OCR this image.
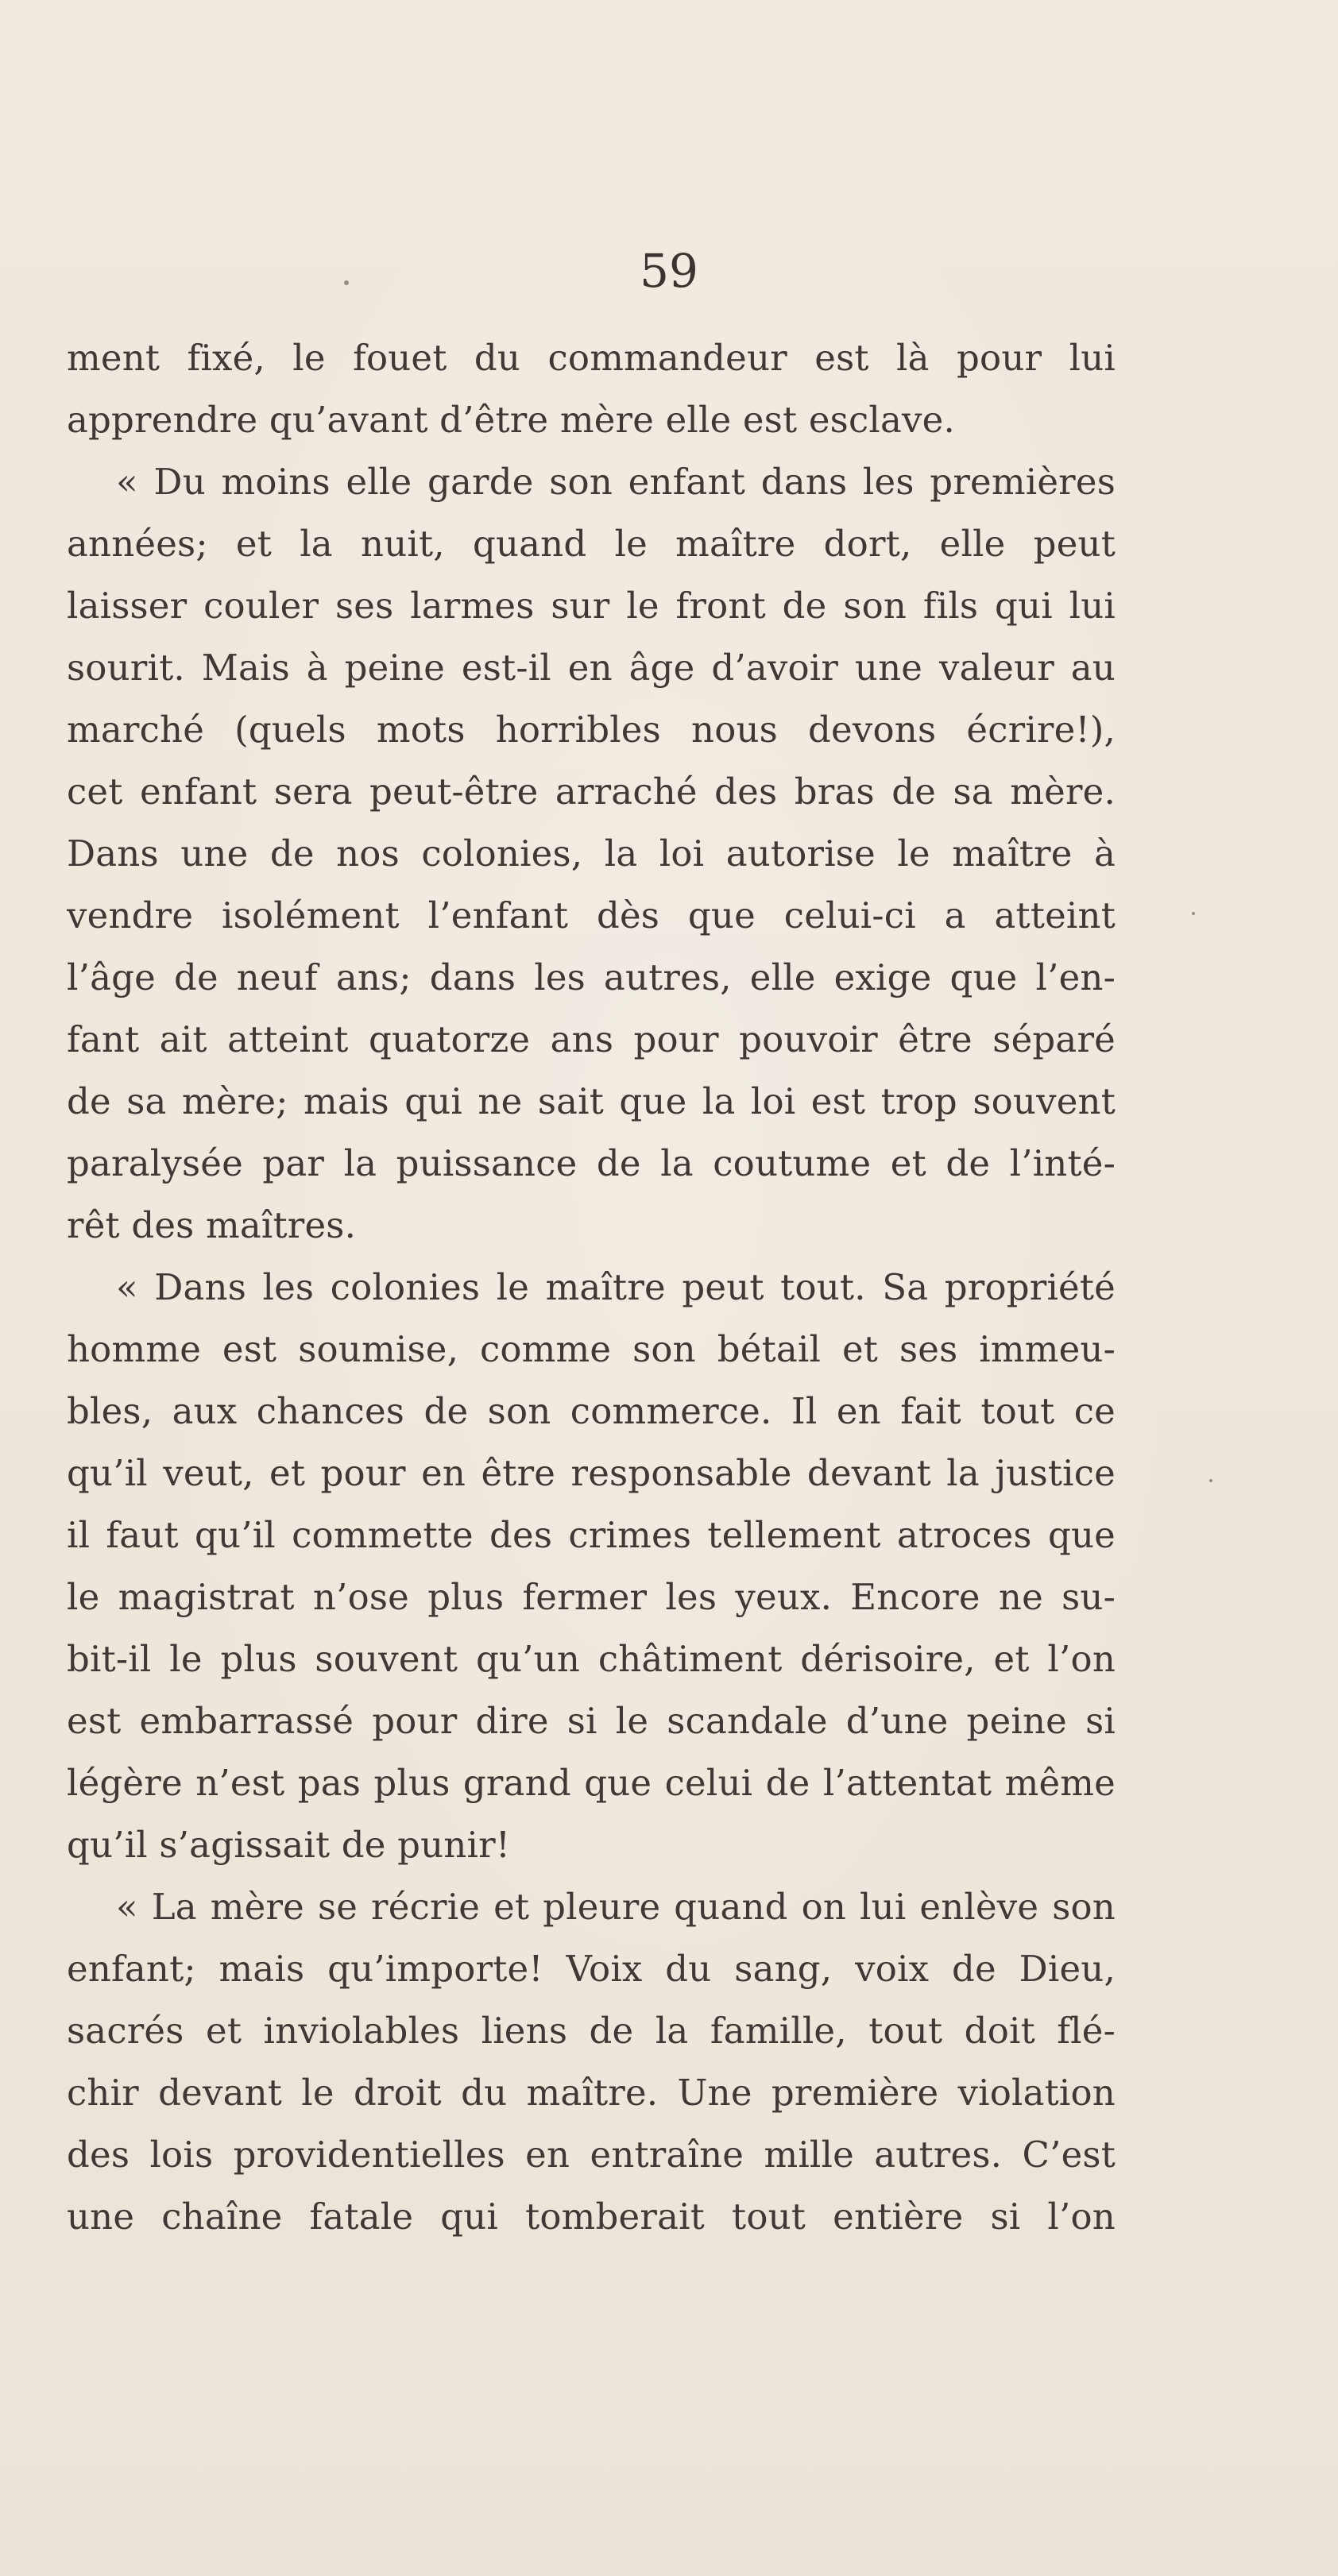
59
ment fixé, le fouet du commandeur est là pour lui
apprendre qu’avant d’être mère elle est esclave.
« Du moins elle garde son enfant dans les premières
années; et la nuit, quand le maître dort, elle peut
laisser couler ses larmes sur le front de son fils qui lui
sourit. Mais à peine est-il en âge d’avoir une valeur au
marché (quels mots horribles nous devons écrire!),
cet enfant sera peut-être arraché des bras de sa mère.
Dans une de nos colonies, la loi autorise le maître à
vendre isolément l’enfant dès que celui-ci a atteint
l’âge de neuf ans; dans les autres, elle exige que l’en-
fant ait atteint quatorze ans pour pouvoir être séparé
de sa mère; mais qui ne sait que la loi est trop souvent
paralysée par la puissance de la coutume et de l’inté-
rêt des maîtres.
« Dans les colonies le maître peut tout. Sa propriété
homme est soumise, comme son bétail et ses immeu-
bles, aux chances de son commerce. Il en fait tout ce
qu’il veut, et pour en être responsable devant la justice
il faut qu’il commette des crimes tellement atroces que
le magistrat n’ose plus fermer les yeux. Encore ne su-
bit-il le plus souvent qu’un châtiment dérisoire, et l’on
est embarrassé pour dire si le scandale d’une peine si
légère n’est pas plus grand que celui de l’attentat même
qu’il s’agissait de punir!
« La mère se récrie et pleure quand on lui enlève son
enfant; mais qu’importe! Voix du sang, voix de Dieu,
sacrés et inviolables liens de la famille, tout doit flé-
chir devant le droit du maître. Une première violation
des lois providentielles en entraîne mille autres. C’est
une chaîne fatale qui tomberait tout entière si l’on
